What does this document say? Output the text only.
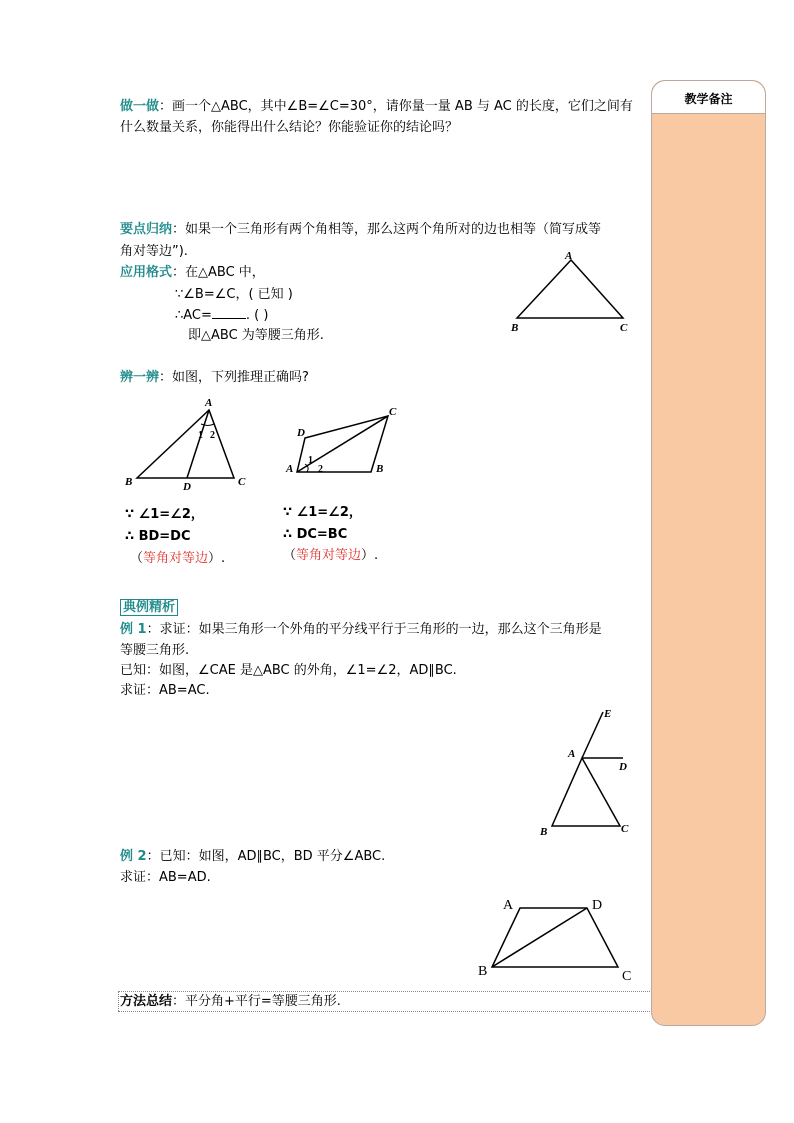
教学备注
做一做：画一个△ABC，其中∠B=∠C=30°，请你量一量 AB 与 AC 的长度，它们之间有
什么数量关系，你能得出什么结论？你能验证你的结论吗？
要点归纳：如果一个三角形有两个角相等，那么这两个角所对的边也相等（简写成等
角对等边”).
应用格式：在△ABC 中，
∵∠B=∠C，( 已知 )
∴AC=	. ( )
即△ABC 为等腰三角形.
A
B	C
辨一辨：如图，下列推理正确吗?
A
B	C
D
1 2
C
D
A	B
1
2
∵ ∠1=∠2，
∴ BD=DC
（等角对等边）.
∵ ∠1=∠2，
∴ DC=BC
（等角对等边）.
典例精析
例 1：求证：如果三角形一个外角的平分线平行于三角形的一边，那么这个三角形是
等腰三角形.
已知：如图，∠CAE 是△ABC 的外角，∠1=∠2，AD∥BC.
求证：AB=AC.
E
A
D
B	C
例 2：已知：如图，AD∥BC，BD 平分∠ABC.
求证：AB=AD.
A	D
B	C
方法总结：平分角+平行=等腰三角形.
